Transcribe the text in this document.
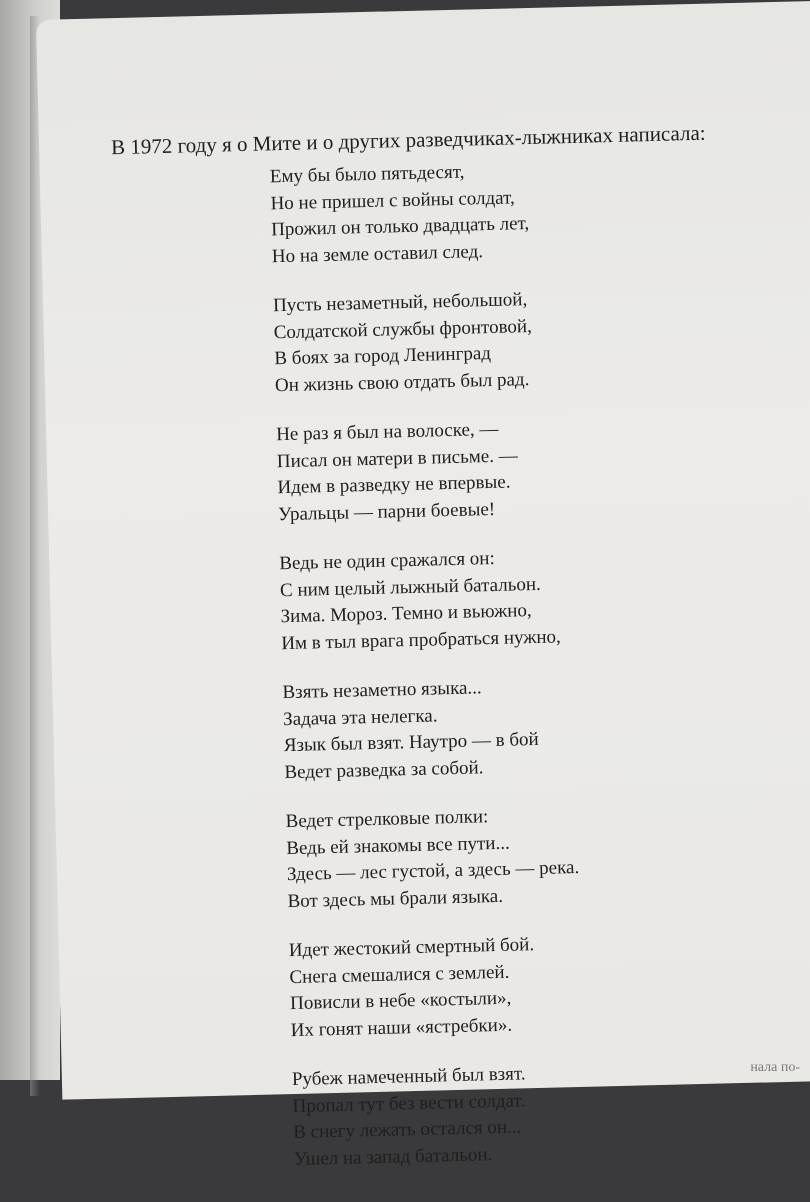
В 1972 году я о Мите и о других разведчиках-лыжниках написала:

Ему бы было пятьдесят,
Но не пришел с войны солдат,
Прожил он только двадцать лет,
Но на земле оставил след.
Пусть незаметный, небольшой,
Солдатской службы фронтовой,
В боях за город Ленинград
Он жизнь свою отдать был рад.
Не раз я был на волоске, —
Писал он матери в письме. —
Идем в разведку не впервые.
Уральцы — парни боевые!
Ведь не один сражался он:
С ним целый лыжный батальон.
Зима. Мороз. Темно и вьюжно,
Им в тыл врага пробраться нужно,
Взять незаметно языка...
Задача эта нелегка.
Язык был взят. Наутро — в бой
Ведет разведка за собой.
Ведет стрелковые полки:
Ведь ей знакомы все пути...
Здесь — лес густой, а здесь — река.
Вот здесь мы брали языка.
Идет жестокий смертный бой.
Снега смешалися с землей.
Повисли в небе «костыли»,
Их гонят наши «ястребки».
Рубеж намеченный был взят.
Пропал тут без вести солдат.
В снегу лежать остался он...
Ушел на запад батальон.
нала по-
